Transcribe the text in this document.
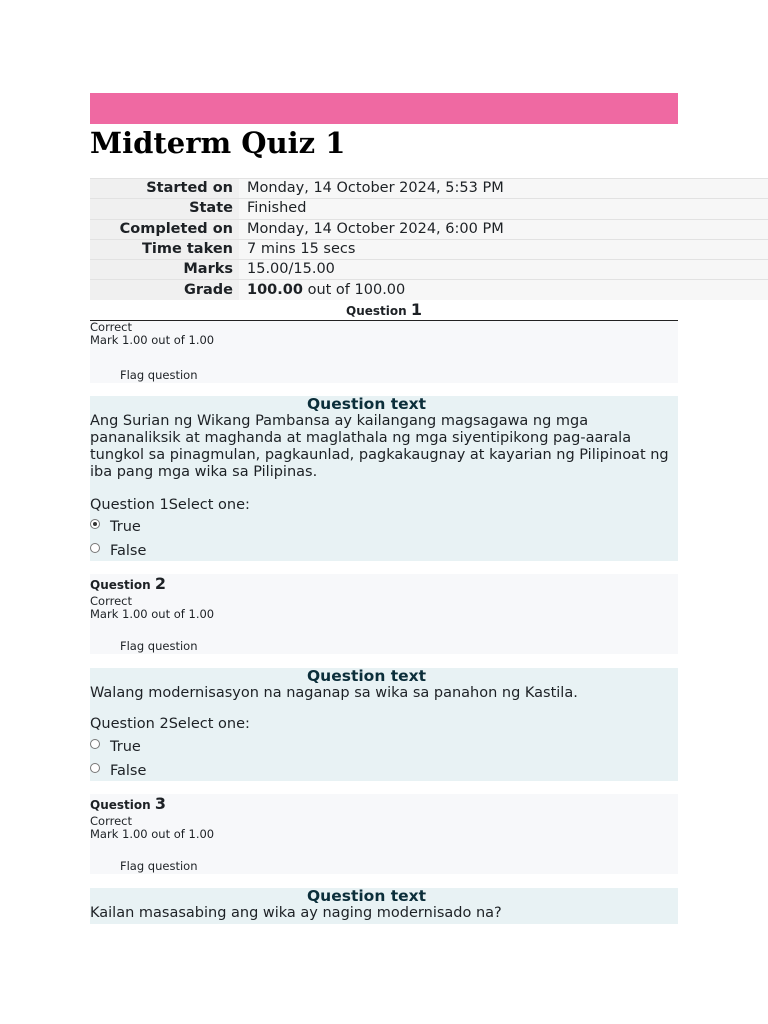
Midterm Quiz 1
Started on	Monday, 14 October 2024, 5:53 PM
State	Finished
Completed on	Monday, 14 October 2024, 6:00 PM
Time taken	7 mins 15 secs
Marks	15.00/15.00
Grade	100.00 out of 100.00
Question 1
Correct
Mark 1.00 out of 1.00
Flag question
Question text

Ang Surian ng Wikang Pambansa ay kailangang magsagawa ng mga pananaliksik at maghanda at maglathala ng mga siyentipikong pag-aarala tungkol sa pinagmulan, pagkaunlad, pagkakaugnay at kayarian ng Pilipinoat ng iba pang mga wika sa Pilipinas.

Question 1Select one:

True
False
Question 2
Correct
Mark 1.00 out of 1.00
Flag question
Question text

Walang modernisasyon na naganap sa wika sa panahon ng Kastila.

Question 2Select one:

True
False
Question 3
Correct
Mark 1.00 out of 1.00
Flag question
Question text

Kailan masasabing ang wika ay naging modernisado na?
